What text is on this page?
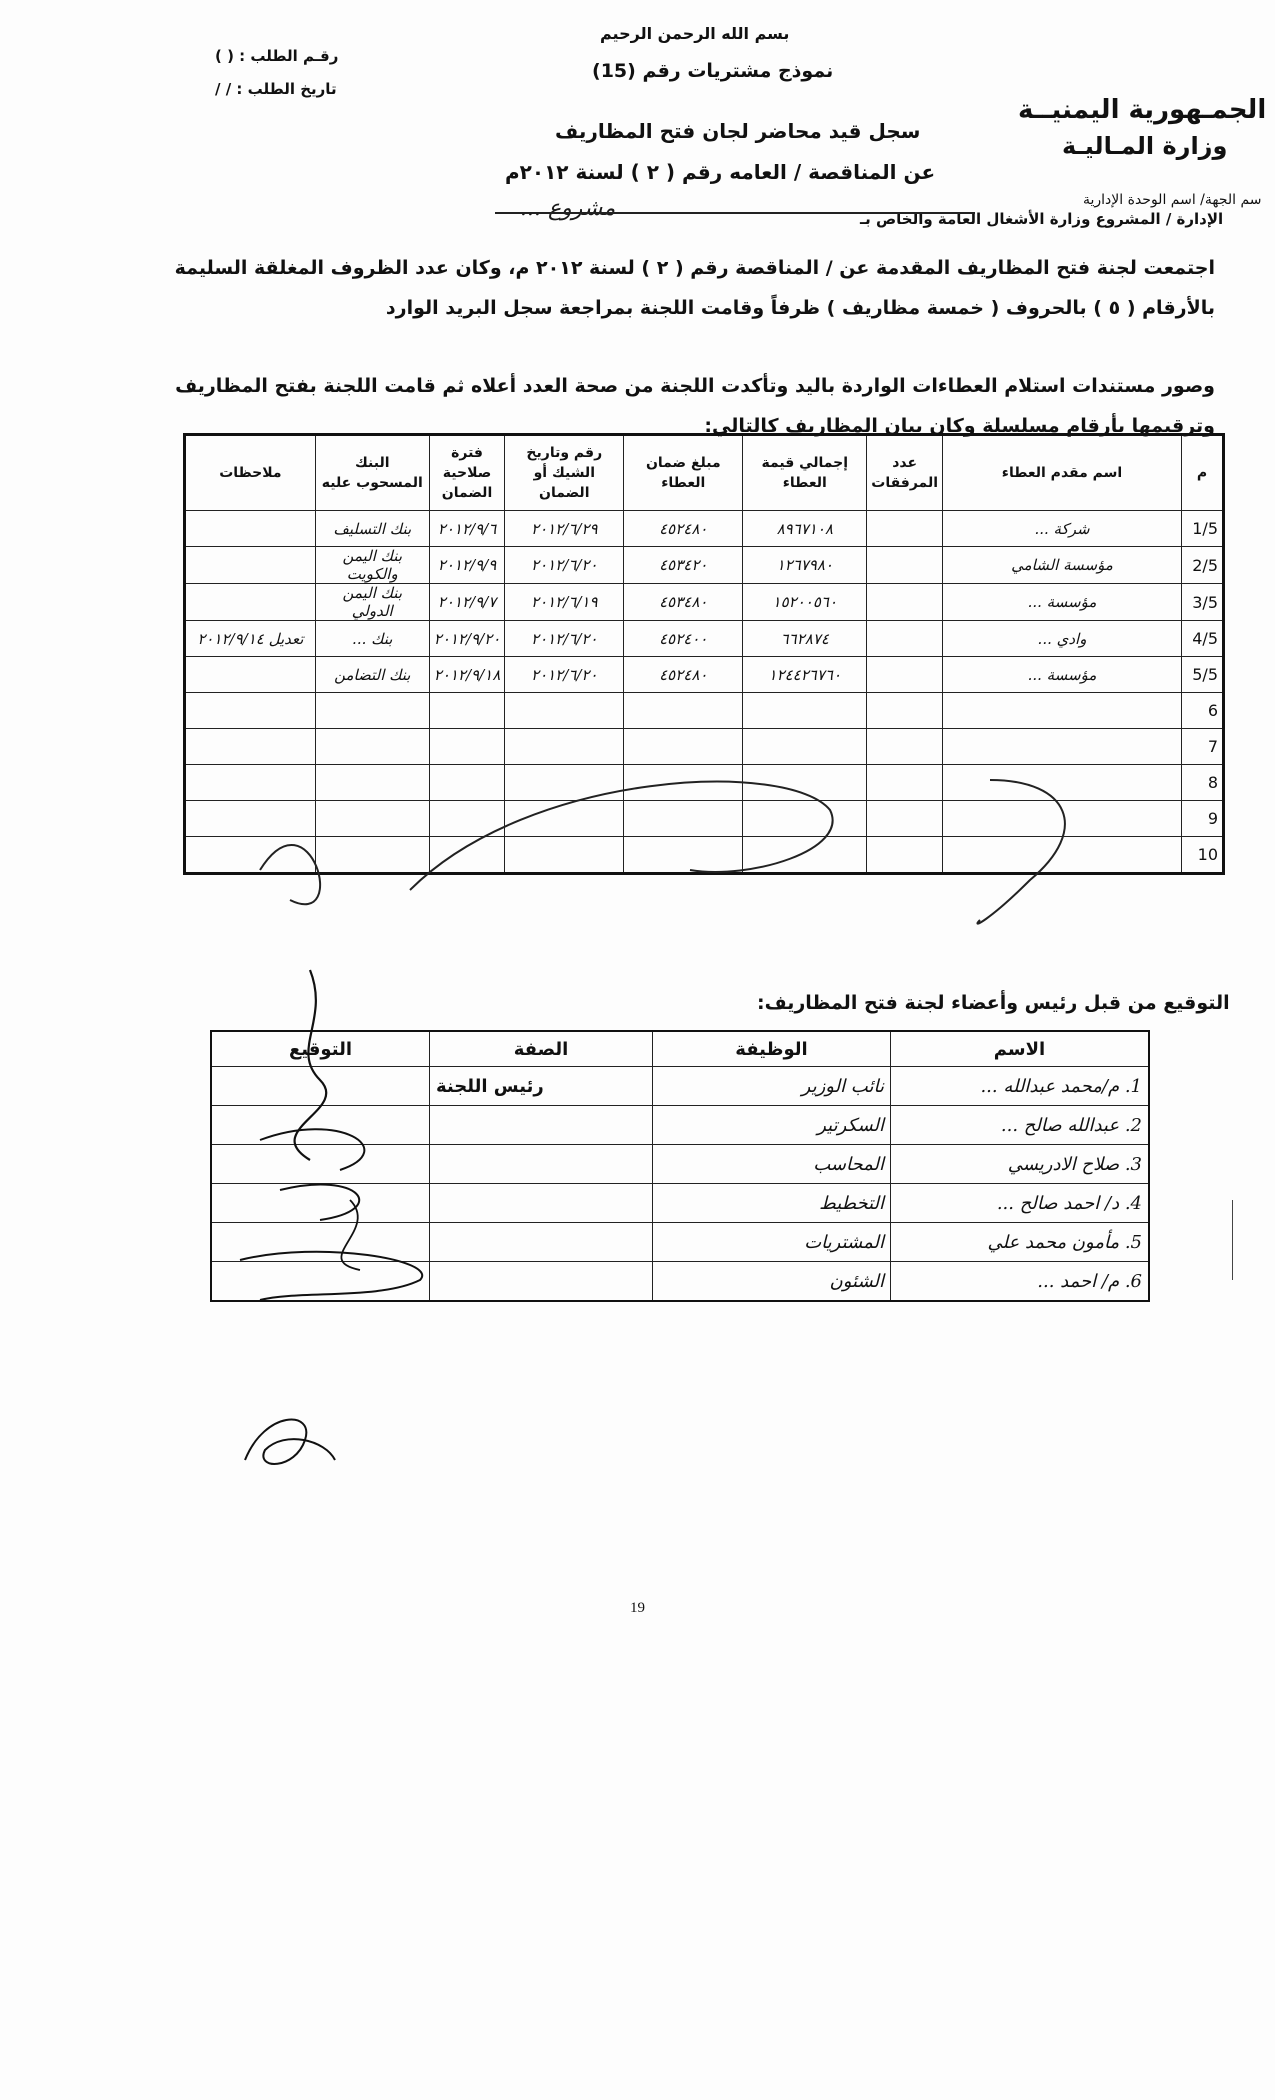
بسم الله الرحمن الرحيم
رقـم الطلب : ( )
تاريخ الطلب : / /
نموذج مشتريات رقم (15)
سجل قيد محاضر لجان فتح المظاريف
الجمـهورية اليمنيــة
وزارة المـاليـة
عن المناقصة / العامه رقم ( ٢ ) لسنة ٢٠١٢م
سم الجهة/ اسم الوحدة الإدارية
الإدارة / المشروع وزارة الأشغال العامة والخاص بـ
مشروع ...
اجتمعت لجنة فتح المظاريف المقدمة عن / المناقصة رقم ( ٢ ) لسنة ٢٠١٢ م، وكان عدد الظروف المغلقة السليمة
بالأرقام ( ٥ ) بالحروف ( خمسة مظاريف ) ظرفاً وقامت اللجنة بمراجعة سجل البريد الوارد
وصور مستندات استلام العطاءات الواردة باليد وتأكدت اللجنة من صحة العدد أعلاه ثم قامت اللجنة بفتح المظاريف
وترقيمها بأرقام مسلسلة وكان بيان المظاريف كالتالي:
م	اسم مقدم العطاء	عدد المرفقات	إجمالي قيمة العطاء	مبلغ ضمان العطاء	رقم وتاريخ الشيك أو الضمان	فترة صلاحية الضمان	البنك المسحوب عليه	ملاحظات
1/5	شركة ...		٨٩٦٧١٠٨	٤٥٢٤٨٠	٢٠١٢/٦/٢٩	٢٠١٢/٩/٦	بنك التسليف	
2/5	مؤسسة الشامي		١٢٦٧٩٨٠	٤٥٣٤٢٠	٢٠١٢/٦/٢٠	٢٠١٢/٩/٩	بنك اليمن والكويت	
3/5	مؤسسة ...		١٥٢٠٠٥٦٠	٤٥٣٤٨٠	٢٠١٢/٦/١٩	٢٠١٢/٩/٧	بنك اليمن الدولي	
4/5	وادي ...		٦٦٢٨٧٤	٤٥٢٤٠٠	٢٠١٢/٦/٢٠	٢٠١٢/٩/٢٠	بنك ...	تعديل ٢٠١٢/٩/١٤
5/5	مؤسسة ...		١٢٤٤٢٦٧٦٠	٤٥٢٤٨٠	٢٠١٢/٦/٢٠	٢٠١٢/٩/١٨	بنك التضامن	
6								
7								
8								
9								
10								
التوقيع من قبل رئيس وأعضاء لجنة فتح المظاريف:
الاسم	الوظيفة	الصفة	التوقيع
1. م/محمد عبدالله ...	نائب الوزير	رئيس اللجنة	
2. عبدالله صالح ...	السكرتير		
3. صلاح الادريسي	المحاسب		
4. د/ احمد صالح ...	التخطيط		
5. مأمون محمد علي	المشتريات		
6. م/ احمد ...	الشئون		
19
